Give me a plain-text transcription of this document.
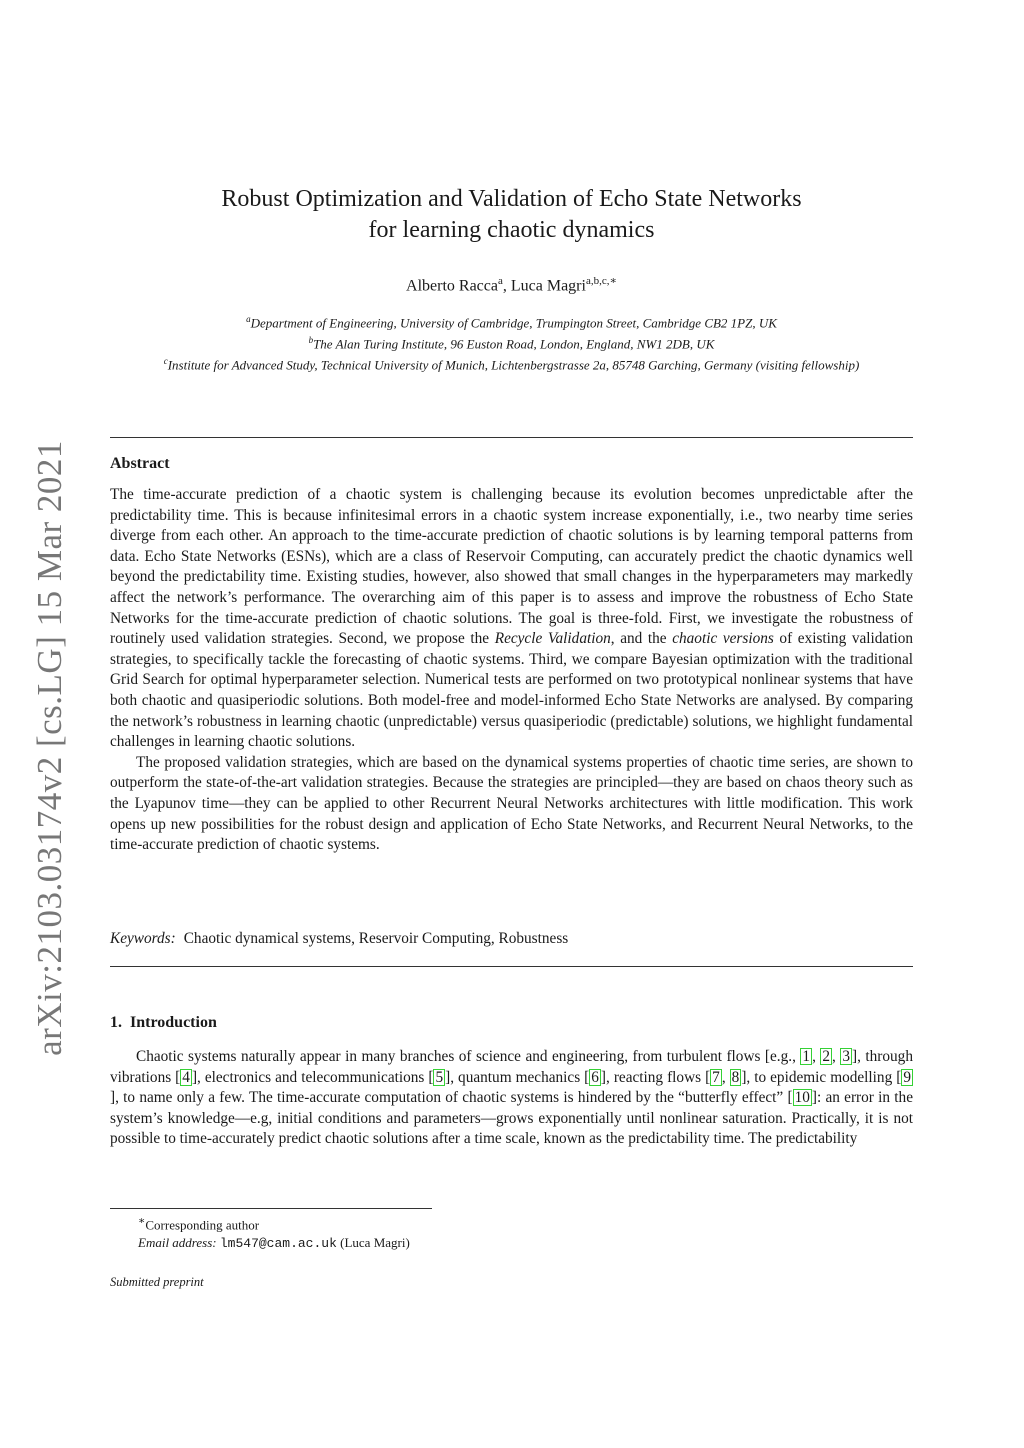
arXiv:2103.03174v2 [cs.LG] 15 Mar 2021
Robust Optimization and Validation of Echo State Networks
for learning chaotic dynamics
Alberto Racca$^a$, Luca Magri$^{a,b,c,∗}$
$^a$Department of Engineering, University of Cambridge, Trumpington Street, Cambridge CB2 1PZ, UK
$^b$The Alan Turing Institute, 96 Euston Road, London, England, NW1 2DB, UK
$^c$Institute for Advanced Study, Technical University of Munich, Lichtenbergstrasse 2a, 85748 Garching, Germany (visiting fellowship)
Abstract

The time-accurate prediction of a chaotic system is challenging because its evolution becomes unpredictable after the predictability time. This is because infinitesimal errors in a chaotic system increase exponentially, i.e., two nearby time series diverge from each other. An approach to the time-accurate prediction of chaotic solutions is by learning temporal patterns from data. Echo State Networks (ESNs), which are a class of Reservoir Computing, can accurately predict the chaotic dynamics well beyond the predictability time. Existing studies, however, also showed that small changes in the hyperparameters may markedly affect the network’s performance. The overarching aim of this paper is to assess and improve the robustness of Echo State Networks for the time-accurate prediction of chaotic solutions. The goal is three-fold. First, we investigate the robustness of routinely used validation strategies. Second, we propose the Recycle Validation, and the chaotic versions of existing validation strategies, to specifically tackle the forecasting of chaotic systems. Third, we compare Bayesian optimization with the traditional Grid Search for optimal hyperparameter selection. Numerical tests are performed on two prototypical nonlinear systems that have both chaotic and quasiperiodic solutions. Both model-free and model-informed Echo State Networks are analysed. By comparing the network’s robustness in learning chaotic (unpredictable) versus quasiperiodic (predictable) solutions, we highlight fundamental challenges in learning chaotic solutions.

The proposed validation strategies, which are based on the dynamical systems properties of chaotic time series, are shown to outperform the state-of-the-art validation strategies. Because the strategies are principled—they are based on chaos theory such as the Lyapunov time—they can be applied to other Recurrent Neural Networks architectures with little modification. This work opens up new possibilities for the robust design and application of Echo State Networks, and Recurrent Neural Networks, to the time-accurate prediction of chaotic systems.

Keywords: Chaotic dynamical systems, Reservoir Computing, Robustness
1. Introduction
Chaotic systems naturally appear in many branches of science and engineering, from turbulent flows [e.g., 1 , 2 , 3 ], through vibrations [ 4 ], electronics and telecommunications [ 5 ], quantum mechanics [ 6 ], reacting flows [ 7 , 8 ], to epidemic modelling [ 9], to name only a few. The time-accurate computation of chaotic systems is hindered by the “butterfly effect” [ 10 ]: an error in the system’s knowledge—e.g, initial conditions and parameters—grows exponentially until nonlinear saturation. Practically, it is not possible to time-accurately predict chaotic solutions after a time scale, known as the predictability time. The predictability
∗Corresponding author
Email address: lm547@cam.ac.uk (Luca Magri)
Submitted preprint
